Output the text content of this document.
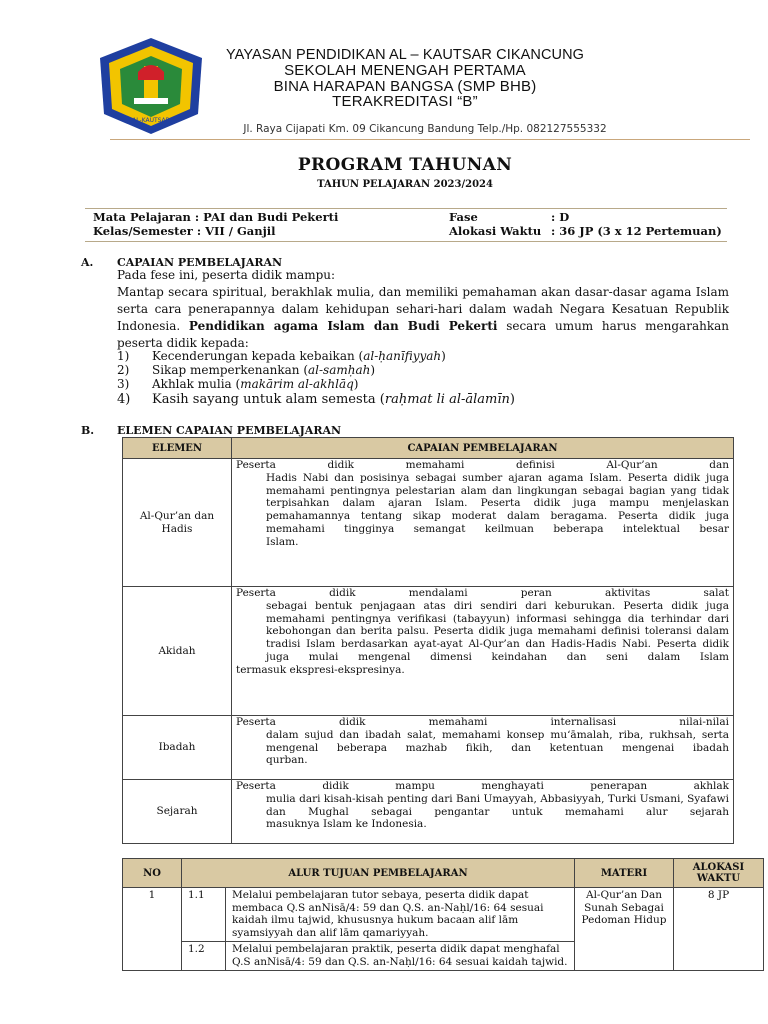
AL-KAUTSAR
YAYASAN PENDIDIKAN AL – KAUTSAR CIKANCUNG
SEKOLAH MENENGAH PERTAMA
BINA HARAPAN BANGSA (SMP BHB)
TERAKREDITASI “B”
Jl. Raya Cijapati Km. 09 Cikancung Bandung Telp./Hp. 082127555332
PROGRAM TAHUNAN
TAHUN PELAJARAN 2023/2024
Mata Pelajaran : PAI dan Budi Pekerti
Kelas/Semester : VII / Ganjil
Fase	: D
Alokasi Waktu : 36 JP (3 x 12 Pertemuan)
A. CAPAIAN PEMBELAJARAN
Pada fese ini, peserta didik mampu:
Mantap secara spiritual, berakhlak mulia, dan memiliki pemahaman akan dasar-dasar agama Islam serta cara penerapannya dalam kehidupan sehari-hari dalam wadah Negara Kesatuan Republik Indonesia. Pendidikan agama Islam dan Budi Pekerti secara umum harus mengarahkan peserta didik kepada:
1) Kecenderungan kepada kebaikan (al-ḥanīfiyyah)
2) Sikap memperkenankan (al-samḥah)
3) Akhlak mulia (makārim al-akhlāq)
4) Kasih sayang untuk alam semesta (raḥmat li al-ālamīn)
B. ELEMEN CAPAIAN PEMBELAJARAN
ELEMEN	CAPAIAN PEMBELAJARAN
Al-Qur’an dan Hadis	Peserta didik memahami definisi Al-Qur’an dan
Hadis Nabi dan posisinya sebagai sumber ajaran agama Islam. Peserta didik juga memahami pentingnya pelestarian alam dan lingkungan sebagai bagian yang tidak terpisahkan dalam ajaran Islam. Peserta didik juga mampu menjelaskan pemahamannya tentang sikap moderat dalam beragama. Peserta didik juga memahami tingginya semangat keilmuan beberapa intelektual besar
Islam.

Akidah	Peserta didik mendalami peran aktivitas salat
sebagai bentuk penjagaan atas diri sendiri dari keburukan. Peserta didik juga memahami pentingnya verifikasi (tabayyun) informasi sehingga dia terhindar dari kebohongan dan berita palsu. Peserta didik juga memahami definisi toleransi dalam tradisi Islam berdasarkan ayat-ayat Al-Qur’an dan Hadis-Hadis Nabi. Peserta didik juga mulai mengenal dimensi keindahan dan seni dalam Islam
termasuk ekspresi-ekspresinya.

Ibadah	Peserta didik memahami internalisasi nilai-nilai
dalam sujud dan ibadah salat, memahami konsep mu‘āmalah, riba, rukhsah, serta mengenal beberapa mazhab fikih, dan ketentuan mengenai ibadah
qurban.

Sejarah	Peserta didik mampu menghayati penerapan akhlak
mulia dari kisah-kisah penting dari Bani Umayyah, Abbasiyyah, Turki Usmani, Syafawi dan Mughal sebagai pengantar untuk memahami alur sejarah
masuknya Islam ke Indonesia.
NO	ALUR TUJUAN PEMBELAJARAN		MATERI	ALOKASI WAKTU
1	1.1	Melalui pembelajaran tutor sebaya, peserta didik dapat membaca Q.S anNisā/4: 59 dan Q.S. an-Naḥl/16: 64 sesuai kaidah ilmu tajwid, khususnya hukum bacaan alif lām syamsiyyah dan alif lām qamariyyah.	Al-Qur’an Dan Sunah Sebagai Pedoman Hidup	8 JP
	1.2	Melalui pembelajaran praktik, peserta didik dapat menghafal Q.S anNisā/4: 59 dan Q.S. an-Naḥl/16: 64 sesuai kaidah tajwid.		
